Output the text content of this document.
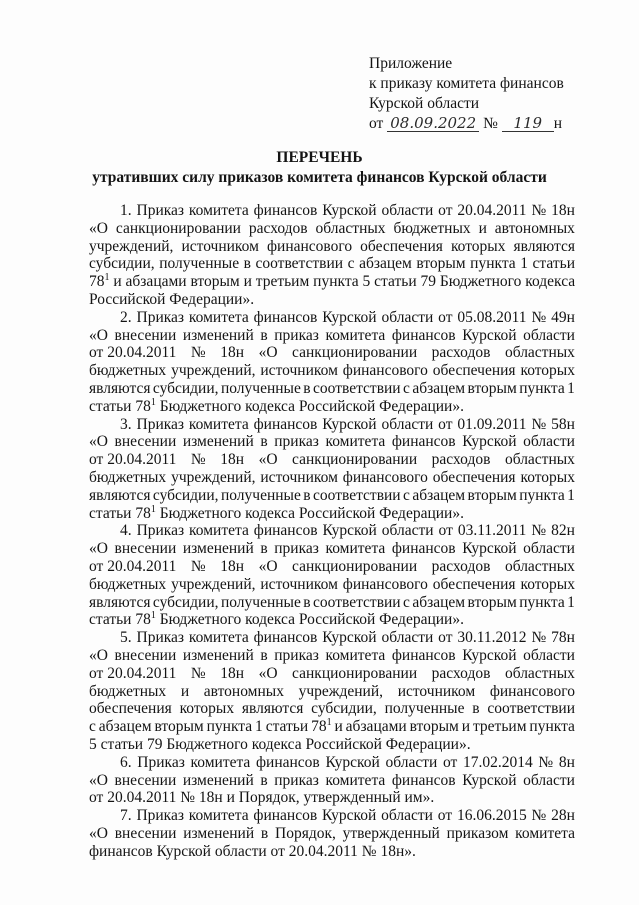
Приложение
к приказу комитета финансов
Курской области
от 08.09.2022 № 119 н
ПЕРЕЧЕНЬ
утративших силу приказов комитета финансов Курской области
1. Приказ комитета финансов Курской области от 20.04.2011 № 18н
«О санкционировании расходов областных бюджетных и автономных
учреждений, источником финансового обеспечения которых являются
субсидии, полученные в соответствии с абзацем вторым пункта 1 статьи
$78^1$ и абзацами вторым и третьим пункта 5 статьи 79 Бюджетного кодекса
Российской Федерации».
2. Приказ комитета финансов Курской области от 05.08.2011 № 49н
«О внесении изменений в приказ комитета финансов Курской области
от 20.04.2011 № 18н «О санкционировании расходов областных
бюджетных учреждений, источником финансового обеспечения которых
являются субсидии, полученные в соответствии с абзацем вторым пункта 1
статьи $78^1$ Бюджетного кодекса Российской Федерации».
3. Приказ комитета финансов Курской области от 01.09.2011 № 58н
«О внесении изменений в приказ комитета финансов Курской области
от 20.04.2011 № 18н «О санкционировании расходов областных
бюджетных учреждений, источником финансового обеспечения которых
являются субсидии, полученные в соответствии с абзацем вторым пункта 1
статьи $78^1$ Бюджетного кодекса Российской Федерации».
4. Приказ комитета финансов Курской области от 03.11.2011 № 82н
«О внесении изменений в приказ комитета финансов Курской области
от 20.04.2011 № 18н «О санкционировании расходов областных
бюджетных учреждений, источником финансового обеспечения которых
являются субсидии, полученные в соответствии с абзацем вторым пункта 1
статьи $78^1$ Бюджетного кодекса Российской Федерации».
5. Приказ комитета финансов Курской области от 30.11.2012 № 78н
«О внесении изменений в приказ комитета финансов Курской области
от 20.04.2011 № 18н «О санкционировании расходов областных
бюджетных и автономных учреждений, источником финансового
обеспечения которых являются субсидии, полученные в соответствии
с абзацем вторым пункта 1 статьи $78^1$ и абзацами вторым и третьим пункта
5 статьи 79 Бюджетного кодекса Российской Федерации».
6. Приказ комитета финансов Курской области от 17.02.2014 № 8н
«О внесении изменений в приказ комитета финансов Курской области
от 20.04.2011 № 18н и Порядок, утвержденный им».
7. Приказ комитета финансов Курской области от 16.06.2015 № 28н
«О внесении изменений в Порядок, утвержденный приказом комитета
финансов Курской области от 20.04.2011 № 18н».
